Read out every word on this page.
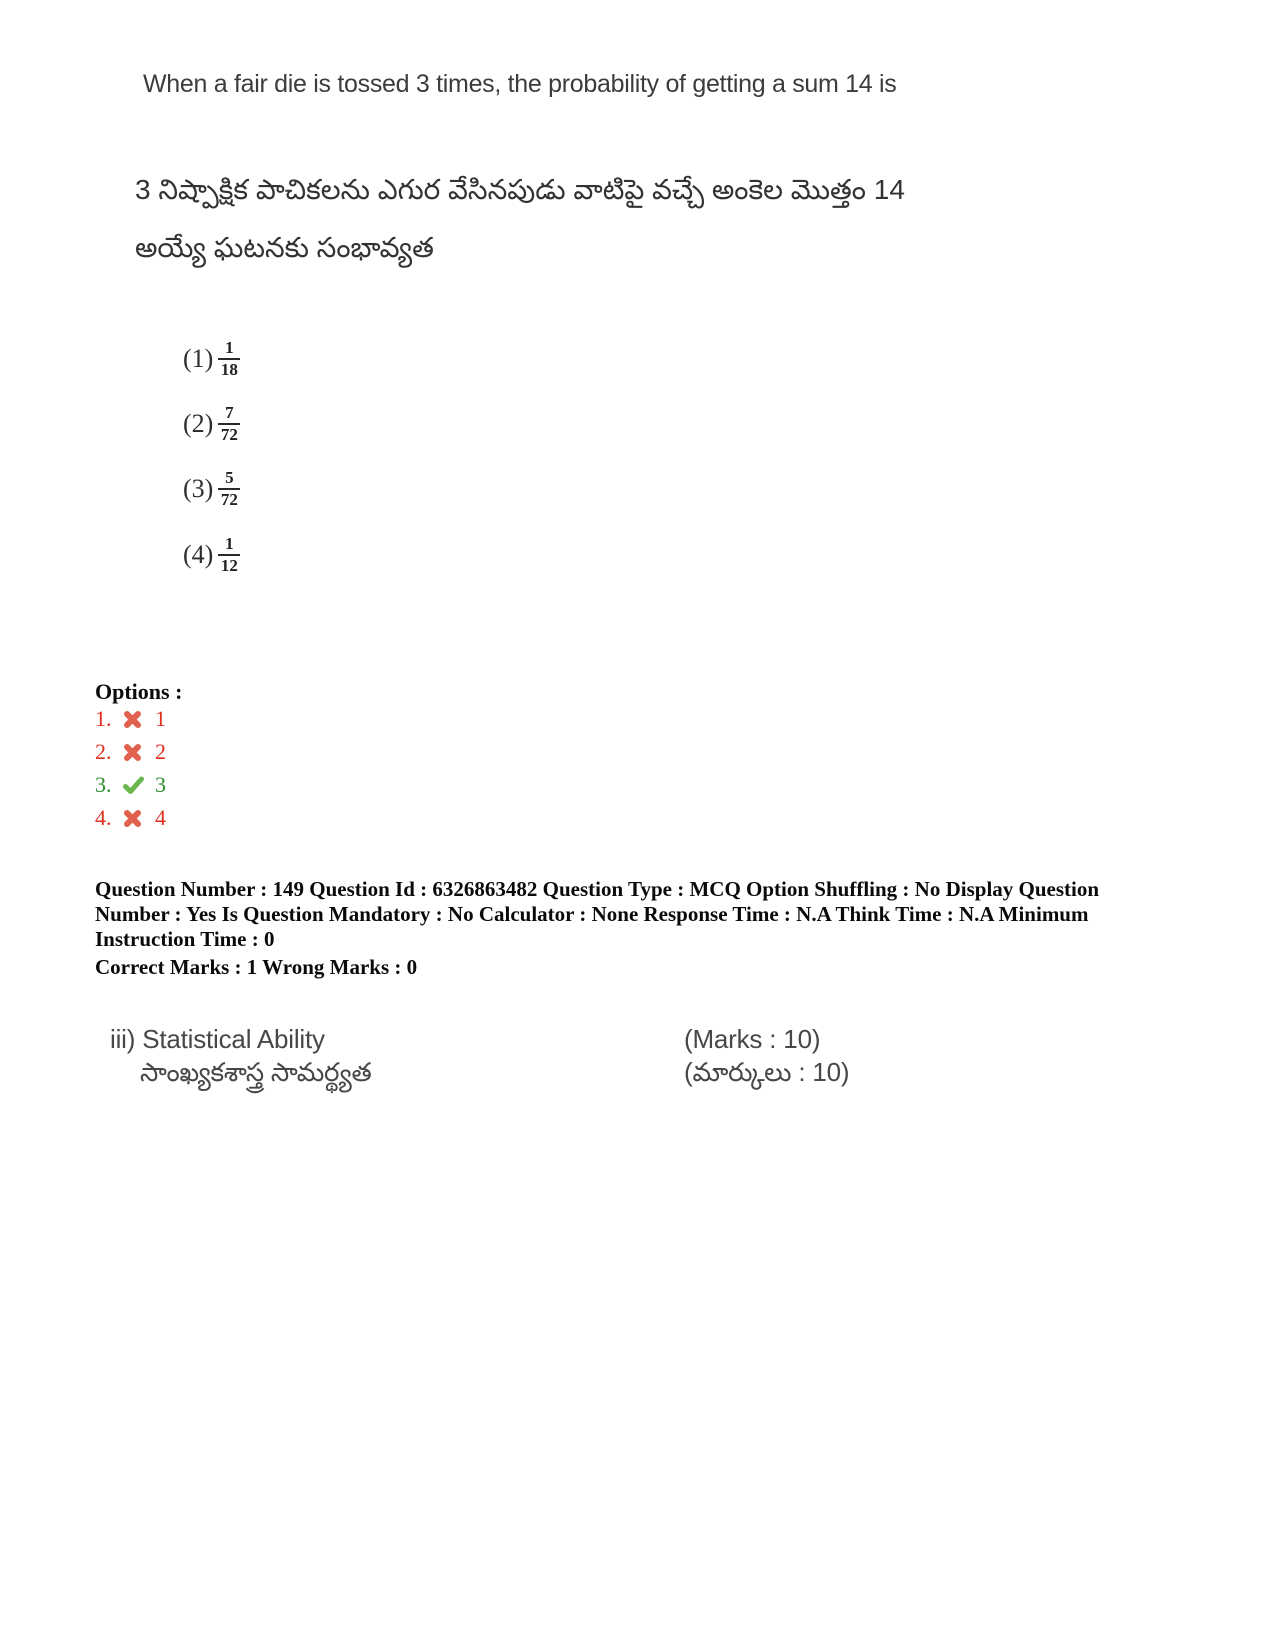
When a fair die is tossed 3 times, the probability of getting a sum 14 is
3 నిష్పాక్షిక పాచికలను ఎగుర వేసినపుడు వాటిపై వచ్చే అంకెల మొత్తం 14
అయ్యే ఘటనకు సంభావ్యత
$(1) \frac{1}{18}$
$(2) \frac{7}{72}$
$(3) \frac{5}{72}$
$(4) \frac{1}{12}$
Options :
1.	1
2.	2
3.	3
4.	4
Question Number : 149 Question Id : 6326863482 Question Type : MCQ Option Shuffling : No Display Question
Number : Yes Is Question Mandatory : No Calculator : None Response Time : N.A Think Time : N.A Minimum
Instruction Time : 0
Correct Marks : 1 Wrong Marks : 0
iii) Statistical Ability	(Marks : 10)
సాంఖ్యకశాస్త్ర సామర్థ్యత	(మార్కులు : 10)
